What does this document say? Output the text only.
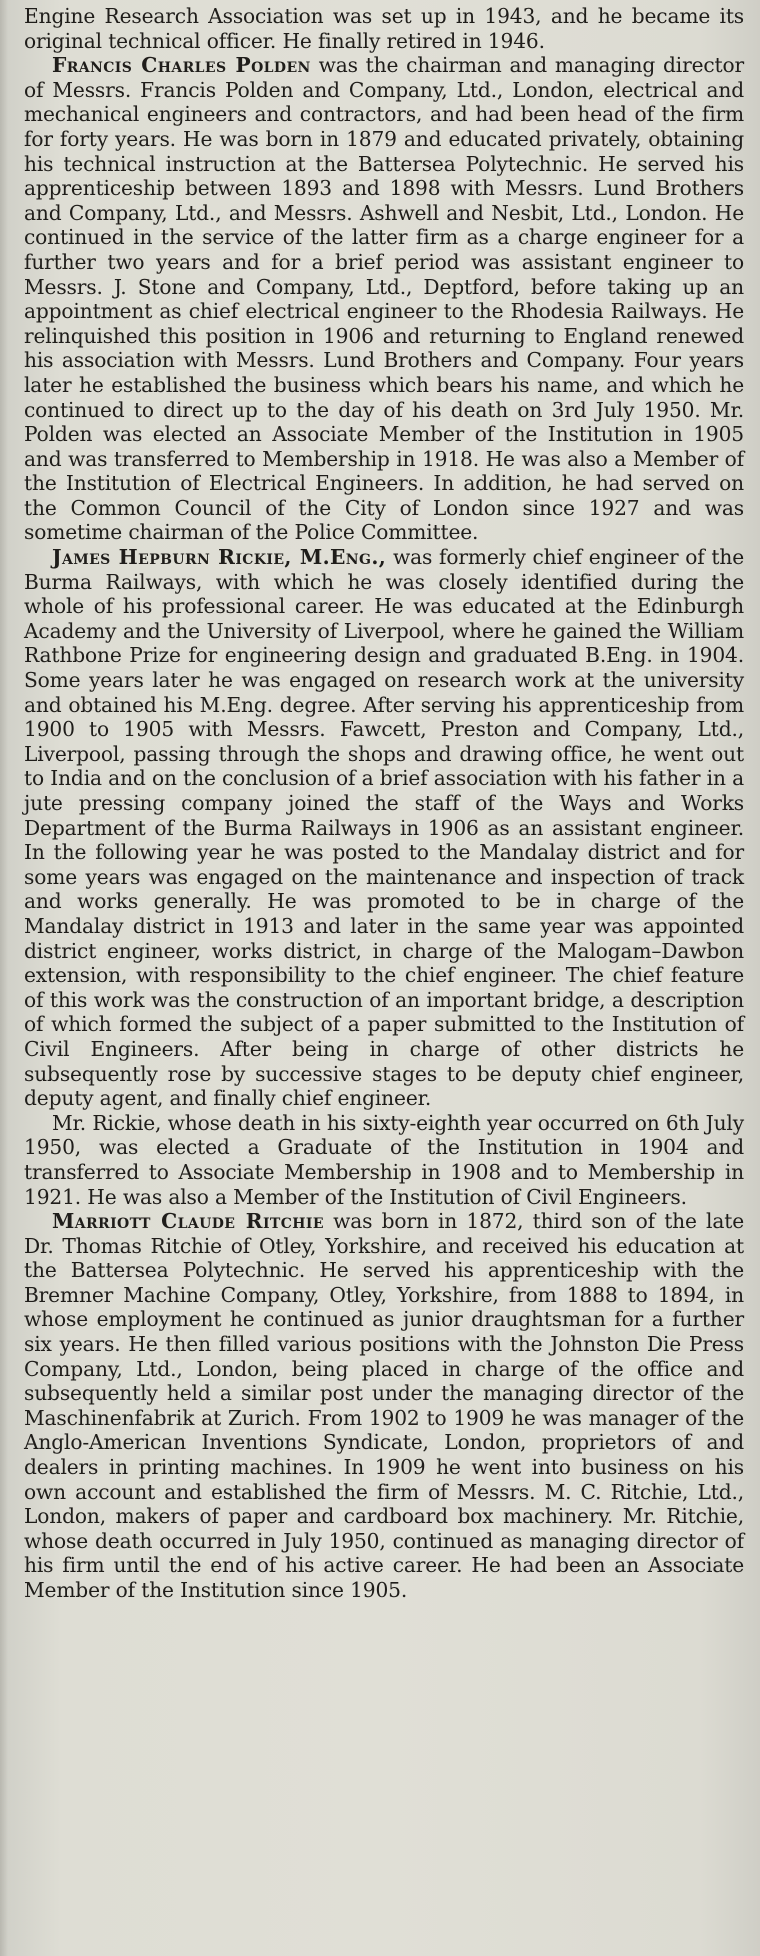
Engine Research Association was set up in 1943, and he became its original technical officer. He finally retired in 1946.

Francis Charles Polden was the chairman and managing director of Messrs. Francis Polden and Company, Ltd., London, electrical and mechanical engineers and contractors, and had been head of the firm for forty years. He was born in 1879 and educated privately, obtaining his technical instruction at the Battersea Polytechnic. He served his apprenticeship between 1893 and 1898 with Messrs. Lund Brothers and Company, Ltd., and Messrs. Ashwell and Nesbit, Ltd., London. He continued in the service of the latter firm as a charge engineer for a further two years and for a brief period was assistant engineer to Messrs. J. Stone and Company, Ltd., Deptford, before taking up an appointment as chief electrical engineer to the Rhodesia Railways. He relinquished this position in 1906 and returning to England renewed his association with Messrs. Lund Brothers and Company. Four years later he established the business which bears his name, and which he continued to direct up to the day of his death on 3rd July 1950. Mr. Polden was elected an Associate Member of the Institution in 1905 and was transferred to Membership in 1918. He was also a Member of the Institution of Electrical Engineers. In addition, he had served on the Common Council of the City of London since 1927 and was sometime chairman of the Police Committee.

James Hepburn Rickie, M.Eng., was formerly chief engineer of the Burma Railways, with which he was closely identified during the whole of his professional career. He was educated at the Edinburgh Academy and the University of Liverpool, where he gained the William Rathbone Prize for engineering design and graduated B.Eng. in 1904. Some years later he was engaged on research work at the university and obtained his M.Eng. degree. After serving his apprenticeship from 1900 to 1905 with Messrs. Fawcett, Preston and Company, Ltd., Liverpool, passing through the shops and drawing office, he went out to India and on the conclusion of a brief association with his father in a jute pressing company joined the staff of the Ways and Works Department of the Burma Railways in 1906 as an assistant engineer. In the following year he was posted to the Mandalay district and for some years was engaged on the maintenance and inspection of track and works generally. He was promoted to be in charge of the Mandalay district in 1913 and later in the same year was appointed district engineer, works district, in charge of the Malogam–Dawbon extension, with responsibility to the chief engineer. The chief feature of this work was the construction of an important bridge, a description of which formed the subject of a paper submitted to the Institution of Civil Engineers. After being in charge of other districts he subsequently rose by successive stages to be deputy chief engineer, deputy agent, and finally chief engineer.

Mr. Rickie, whose death in his sixty-eighth year occurred on 6th July 1950, was elected a Graduate of the Institution in 1904 and transferred to Associate Membership in 1908 and to Membership in 1921. He was also a Member of the Institution of Civil Engineers.

Marriott Claude Ritchie was born in 1872, third son of the late Dr. Thomas Ritchie of Otley, Yorkshire, and received his education at the Battersea Polytechnic. He served his apprenticeship with the Bremner Machine Company, Otley, Yorkshire, from 1888 to 1894, in whose employment he continued as junior draughtsman for a further six years. He then filled various positions with the Johnston Die Press Company, Ltd., London, being placed in charge of the office and subsequently held a similar post under the managing director of the Maschinenfabrik at Zurich. From 1902 to 1909 he was manager of the Anglo-American Inventions Syndicate, London, proprietors of and dealers in printing machines. In 1909 he went into business on his own account and established the firm of Messrs. M. C. Ritchie, Ltd., London, makers of paper and cardboard box machinery. Mr. Ritchie, whose death occurred in July 1950, continued as managing director of his firm until the end of his active career. He had been an Associate Member of the Institution since 1905.
